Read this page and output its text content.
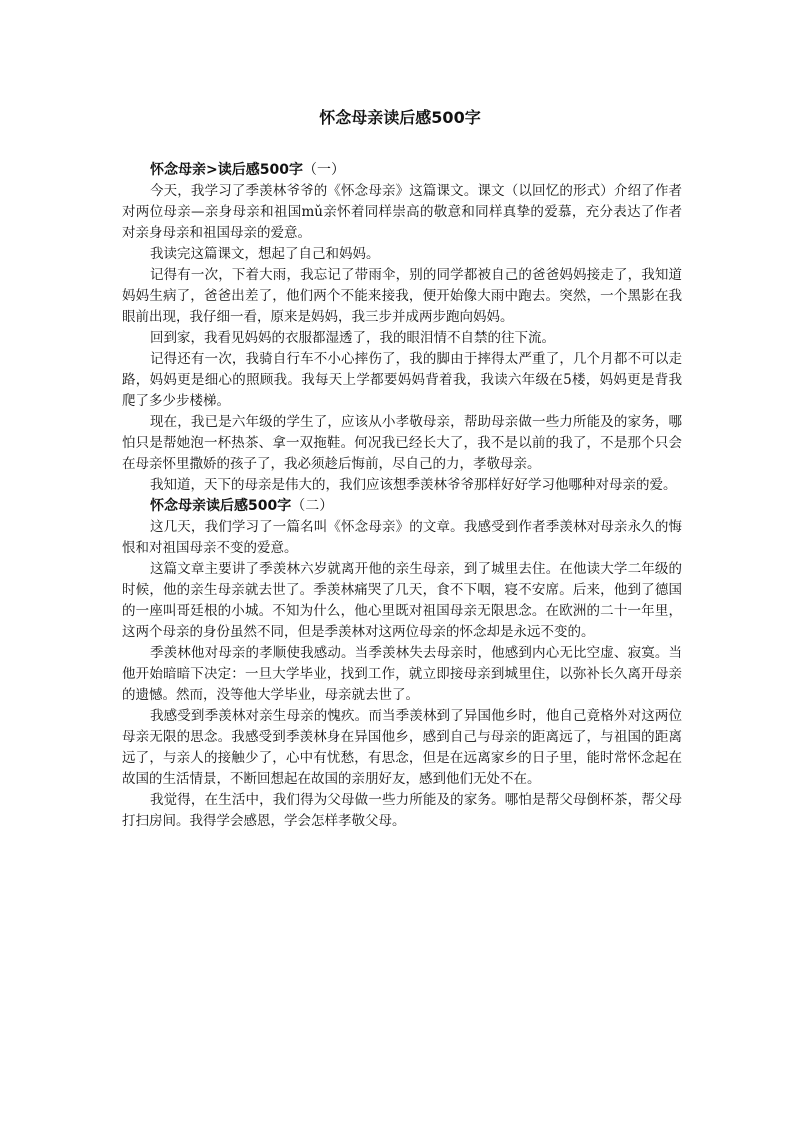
怀念母亲读后感500字
怀念母亲>读后感500字（一）

今天，我学习了季羡林爷爷的《怀念母亲》这篇课文。课文（以回忆的形式）介绍了作者对两位母亲—亲身母亲和祖国mǔ亲怀着同样崇高的敬意和同样真挚的爱慕，充分表达了作者对亲身母亲和祖国母亲的爱意。

我读完这篇课文，想起了自己和妈妈。

记得有一次，下着大雨，我忘记了带雨伞，别的同学都被自己的爸爸妈妈接走了，我知道妈妈生病了，爸爸出差了，他们两个不能来接我，便开始像大雨中跑去。突然，一个黑影在我眼前出现，我仔细一看，原来是妈妈，我三步并成两步跑向妈妈。

回到家，我看见妈妈的衣服都湿透了，我的眼泪情不自禁的往下流。

记得还有一次，我骑自行车不小心摔伤了，我的脚由于摔得太严重了，几个月都不可以走路，妈妈更是细心的照顾我。我每天上学都要妈妈背着我，我读六年级在5楼，妈妈更是背我爬了多少步楼梯。

现在，我已是六年级的学生了，应该从小孝敬母亲，帮助母亲做一些力所能及的家务，哪怕只是帮她泡一杯热茶、拿一双拖鞋。何况我已经长大了，我不是以前的我了，不是那个只会在母亲怀里撒娇的孩子了，我必须趁后悔前，尽自己的力，孝敬母亲。

我知道，天下的母亲是伟大的，我们应该想季羡林爷爷那样好好学习他哪种对母亲的爱。

怀念母亲读后感500字（二）

这几天，我们学习了一篇名叫《怀念母亲》的文章。我感受到作者季羡林对母亲永久的悔恨和对祖国母亲不变的爱意。

这篇文章主要讲了季羡林六岁就离开他的亲生母亲，到了城里去住。在他读大学二年级的时候，他的亲生母亲就去世了。季羡林痛哭了几天，食不下咽，寝不安席。后来，他到了德国的一座叫哥廷根的小城。不知为什么，他心里既对祖国母亲无限思念。在欧洲的二十一年里，这两个母亲的身份虽然不同，但是季羡林对这两位母亲的怀念却是永远不变的。

季羡林他对母亲的孝顺使我感动。当季羡林失去母亲时，他感到内心无比空虚、寂寞。当他开始暗暗下决定：一旦大学毕业，找到工作，就立即接母亲到城里住，以弥补长久离开母亲的遗憾。然而，没等他大学毕业，母亲就去世了。

我感受到季羡林对亲生母亲的愧疚。而当季羡林到了异国他乡时，他自己竟格外对这两位母亲无限的思念。我感受到季羡林身在异国他乡，感到自己与母亲的距离远了，与祖国的距离远了，与亲人的接触少了，心中有忧愁，有思念，但是在远离家乡的日子里，能时常怀念起在故国的生活情景，不断回想起在故国的亲朋好友，感到他们无处不在。

我觉得，在生活中，我们得为父母做一些力所能及的家务。哪怕是帮父母倒杯茶，帮父母打扫房间。我得学会感恩，学会怎样孝敬父母。
